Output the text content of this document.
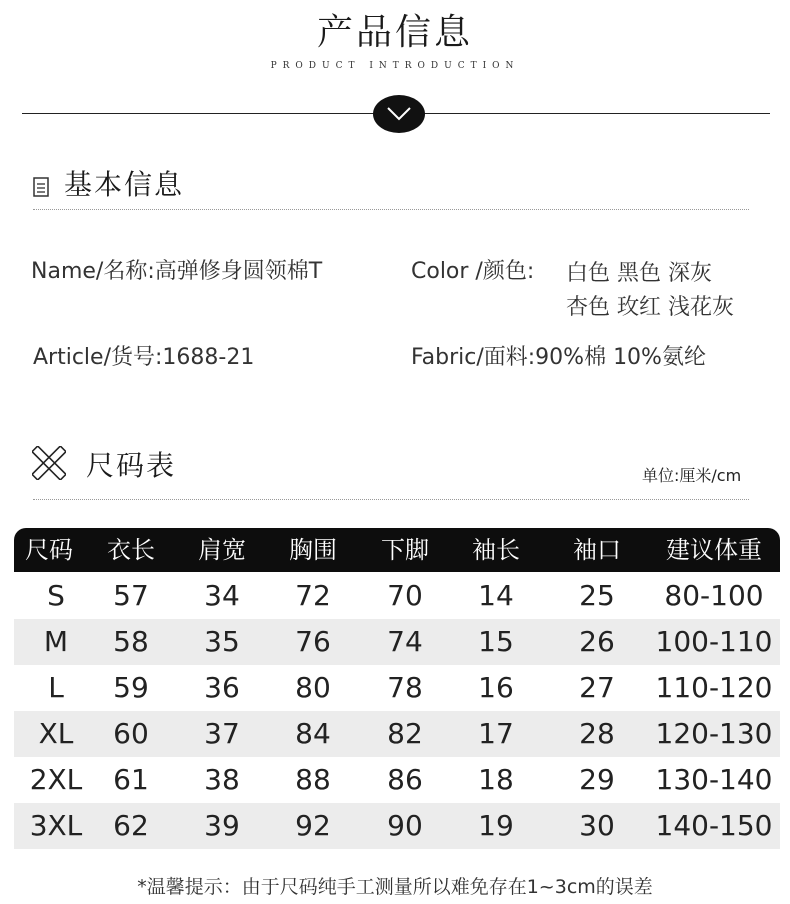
产品信息
PRODUCT INTRODUCTION
基本信息
Name/名称:高弹修身圆领棉T	Color /颜色: 白色 黑色 深灰
杏色 玫红 浅花灰
Article/货号:1688-21	Fabric/面料:90%棉 10%氨纶
尺码表	单位:厘米/cm
尺码	衣长	肩宽	胸围	下脚	袖长	袖口	建议体重
S	57	34	72	70	14	25	80-100
M	58	35	76	74	15	26	100-110
L	59	36	80	78	16	27	110-120
XL	60	37	84	82	17	28	120-130
2XL	61	38	88	86	18	29	130-140
3XL	62	39	92	90	19	30	140-150
*温馨提示：由于尺码纯手工测量所以难免存在1~3cm的误差
